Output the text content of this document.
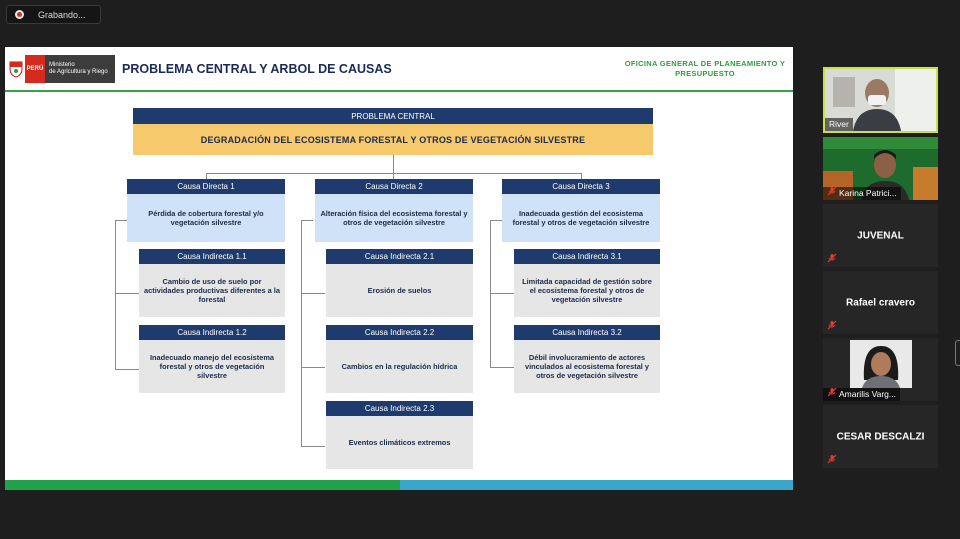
Grabando...
PERÚ
Ministerio
de Agricultura y Riego	PROBLEMA CENTRAL Y ARBOL DE CAUSAS	OFICINA GENERAL DE PLANEAMIENTO Y
PRESUPUESTO
PROBLEMA CENTRAL
DEGRADACIÓN DEL ECOSISTEMA FORESTAL Y OTROS DE VEGETACIÓN SILVESTRE
Causa Directa 1
Pérdida de cobertura forestal y/o vegetación silvestre
Causa Directa 2
Alteración física del ecosistema forestal y otros de vegetación silvestre
Causa Directa 3
Inadecuada gestión del ecosistema forestal y otros de vegetación silvestre
Causa Indirecta 1.1
Cambio de uso de suelo por actividades productivas diferentes a la forestal
Causa Indirecta 1.2
Inadecuado manejo del ecosistema forestal y otros de vegetación silvestre
Causa Indirecta 2.1
Erosión de suelos
Causa Indirecta 2.2
Cambios en la regulación hídrica
Causa Indirecta 2.3
Eventos climáticos extremos
Causa Indirecta 3.1
Limitada capacidad de gestión sobre el ecosistema forestal y otros de vegetación silvestre
Causa Indirecta 3.2
Débil involucramiento de actores vinculados al ecosistema forestal y otros de vegetación silvestre
River
Karina Patrici...
JUVENAL
Rafael cravero
Amarilis Varg...
CESAR DESCALZI
